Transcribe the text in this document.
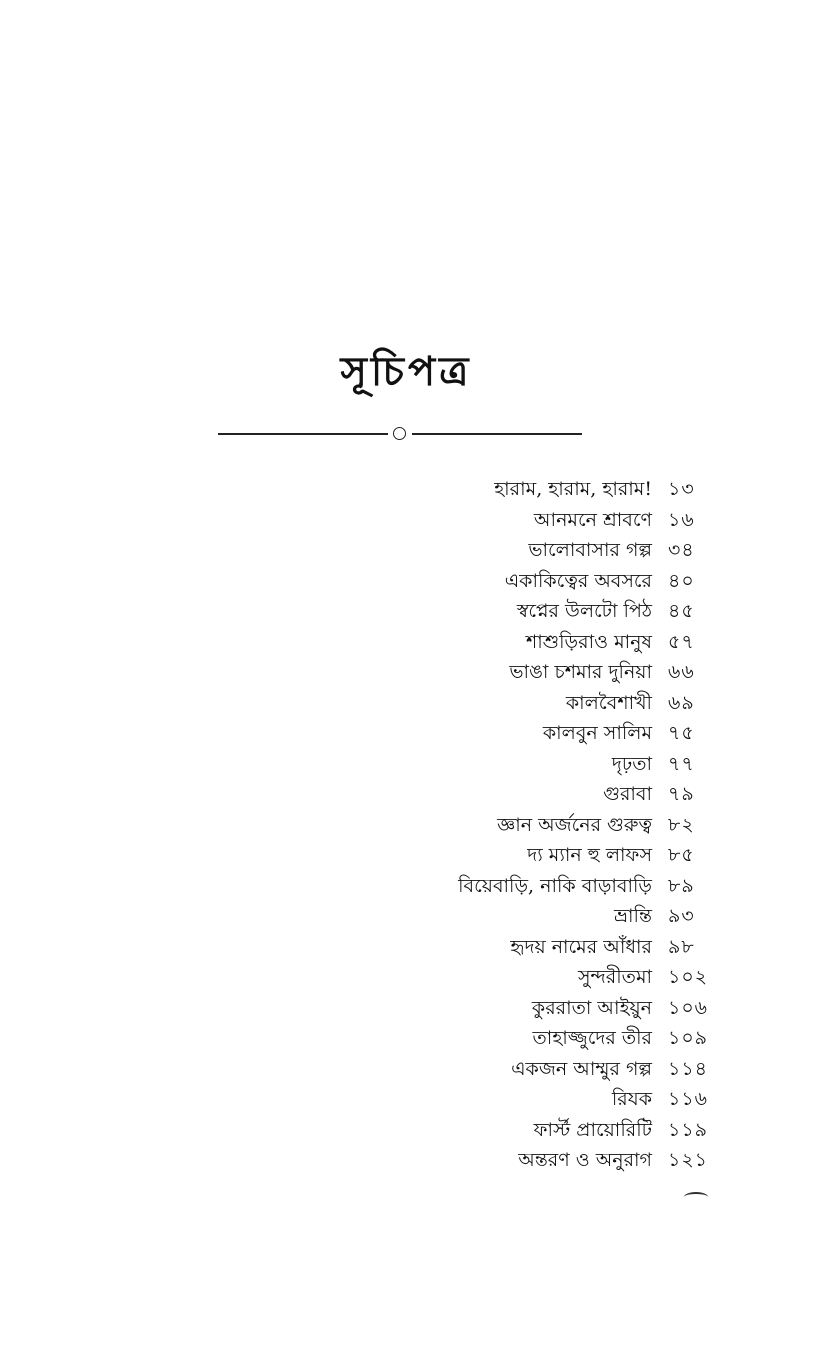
সূচিপত্র
হারাম, হারাম, হারাম! ১৩
আনমনে শ্রাবণে ১৬
ভালোবাসার গল্প ৩৪
একাকিত্বের অবসরে ৪০
স্বপ্নের উলটো পিঠ ৪৫
শাশুড়িরাও মানুষ ৫৭
ভাঙা চশমার দুনিয়া ৬৬
কালবৈশাখী ৬৯
কালবুন সালিম ৭৫
দৃঢ়তা ৭৭
গুরাবা ৭৯
জ্ঞান অর্জনের গুরুত্ব ৮২
দ্য ম্যান হু লাফস ৮৫
বিয়েবাড়ি, নাকি বাড়াবাড়ি ৮৯
ভ্রান্তি ৯৩
হৃদয় নামের আঁধার ৯৮
সুন্দরীতমা ১০২
কুররাতা আইয়ুন ১০৬
তাহাজ্জুদের তীর ১০৯
একজন আম্মুর গল্প ১১৪
রিযক ১১৬
ফার্স্ট প্রায়োরিটি ১১৯
অন্তরণ ও অনুরাগ ১২১
